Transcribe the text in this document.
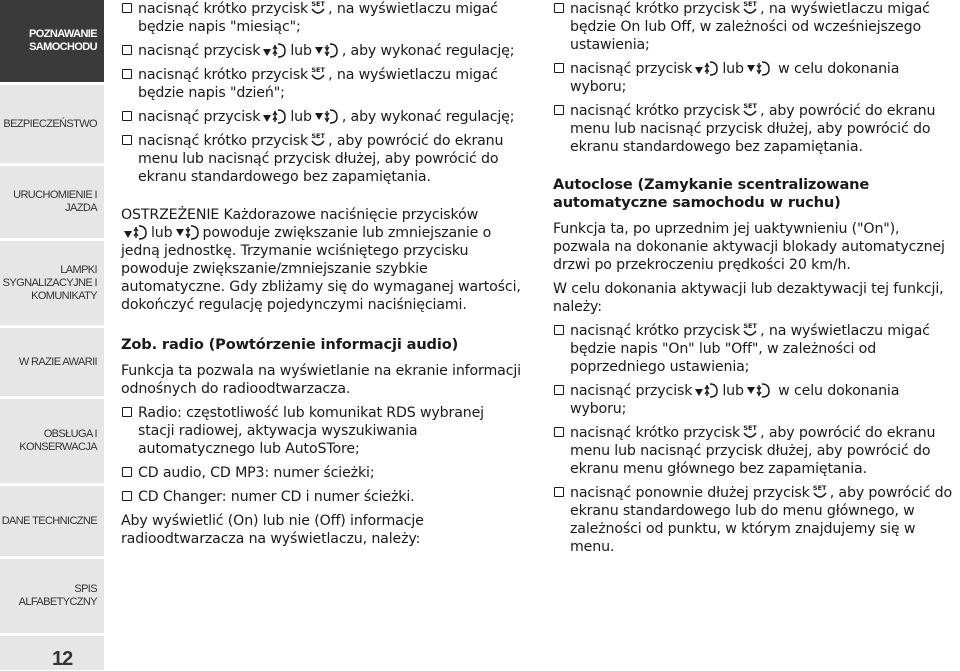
POZNAWANIE
SAMOCHODU
BEZPIECZEŃSTWO
URUCHOMIENIE I
JAZDA
LAMPKI
SYGNALIZACYJNE I
KOMUNIKATY
W RAZIE AWARII
OBSŁUGA I
KONSERWACJA
DANE TECHNICZNE
SPIS ALFABETYCZNY
12
nacisnąć krótko przycisk SET , na wyświetlaczu migać będzie napis "miesiąc";
nacisnąć przycisk lub , aby wykonać regulację;
nacisnąć krótko przycisk SET , na wyświetlaczu migać będzie napis "dzień";
nacisnąć przycisk lub , aby wykonać regulację;
nacisnąć krótko przycisk SET , aby powrócić do ekranu menu lub nacisnąć przycisk dłużej, aby powrócić do ekranu standardowego bez zapamiętania.

OSTRZEŻENIE Każdorazowe naciśnięcie przycisków
lub powoduje zwiększanie lub zmniejszanie o jedną jednostkę. Trzymanie wciśniętego przycisku powoduje zwiększanie/zmniejszanie szybkie automatyczne. Gdy zbliżamy się do wymaganej wartości, dokończyć regulację pojedynczymi naciśnięciami.

Zob. radio (Powtórzenie informacji audio)

Funkcja ta pozwala na wyświetlanie na ekranie informacji odnośnych do radioodtwarzacza.

Radio: częstotliwość lub komunikat RDS wybranej stacji radiowej, aktywacja wyszukiwania automatycznego lub AutoSTore;
CD audio, CD MP3: numer ścieżki;
CD Changer: numer CD i numer ścieżki.

Aby wyświetlić (On) lub nie (Off) informacje radioodtwarzacza na wyświetlaczu, należy:

nacisnąć krótko przycisk SET , na wyświetlaczu migać będzie On lub Off, w zależności od wcześniejszego ustawienia;
nacisnąć przycisk lub w celu dokonania wyboru;
nacisnąć krótko przycisk SET , aby powrócić do ekranu menu lub nacisnąć przycisk dłużej, aby powrócić do ekranu standardowego bez zapamiętania.
Autoclose (Zamykanie scentralizowane automatyczne samochodu w ruchu)

Funkcja ta, po uprzednim jej uaktywnieniu ("On"), pozwala na dokonanie aktywacji blokady automatycznej drzwi po przekroczeniu prędkości 20 km/h.

W celu dokonania aktywacji lub dezaktywacji tej funkcji, należy:

nacisnąć krótko przycisk SET , na wyświetlaczu migać będzie napis "On" lub "Off", w zależności od poprzedniego ustawienia;
nacisnąć przycisk lub w celu dokonania wyboru;
nacisnąć krótko przycisk SET , aby powrócić do ekranu menu lub nacisnąć przycisk dłużej, aby powrócić do ekranu menu głównego bez zapamiętania.
nacisnąć ponownie dłużej przycisk SET , aby powrócić do ekranu standardowego lub do menu głównego, w zależności od punktu, w którym znajdujemy się w menu.
